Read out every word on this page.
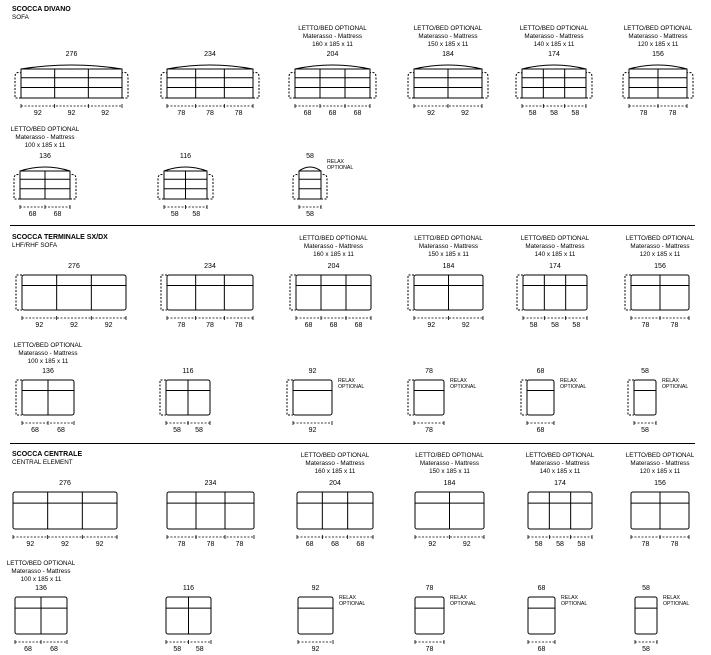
SCOCCA DIVANO
SOFA
SCOCCA TERMINALE SX/DX
LHF/RHF SOFA
SCOCCA CENTRALE
CENTRAL ELEMENT
276
92	92	92
234
78	78	78
204
68 68 68
LETTO/BED OPTIONAL
Materasso - Mattress
160 x 185 x 11
184
92	92
LETTO/BED OPTIONAL
Materasso - Mattress
150 x 185 x 11
174
58 58 58
LETTO/BED OPTIONAL
Materasso - Mattress
140 x 185 x 11
156
78	78
LETTO/BED OPTIONAL
Materasso - Mattress
120 x 185 x 11
136
68 68
LETTO/BED OPTIONAL
Materasso - Mattress
100 x 185 x 11
116
58 58
58
58
RELAX
OPTIONAL
276
92	92	92
234
78	78	78
204
68 68 68
LETTO/BED OPTIONAL
Materasso - Mattress
160 x 185 x 11
184
92	92
LETTO/BED OPTIONAL
Materasso - Mattress
150 x 185 x 11
174
58 58 58
LETTO/BED OPTIONAL
Materasso - Mattress
140 x 185 x 11
156
78	78
LETTO/BED OPTIONAL
Materasso - Mattress
120 x 185 x 11
136
68	68
LETTO/BED OPTIONAL
Materasso - Mattress
100 x 185 x 11
116
58 58
92
92
RELAX
OPTIONAL
78
78
RELAX
OPTIONAL
68
68
RELAX
OPTIONAL
58
58
RELAX
OPTIONAL
276
92	92	92
234
78	78	78
204
68	68	68
LETTO/BED OPTIONAL
Materasso - Mattress
160 x 185 x 11
184
92	92
LETTO/BED OPTIONAL
Materasso - Mattress
150 x 185 x 11
174
58 58 58
LETTO/BED OPTIONAL
Materasso - Mattress
140 x 185 x 11
156
78	78
LETTO/BED OPTIONAL
Materasso - Mattress
120 x 185 x 11
136
68	68
LETTO/BED OPTIONAL
Materasso - Mattress
100 x 185 x 11
116
58 58
92
92
RELAX
OPTIONAL
78
78
RELAX
OPTIONAL
68
68
RELAX
OPTIONAL
58
58
RELAX
OPTIONAL
